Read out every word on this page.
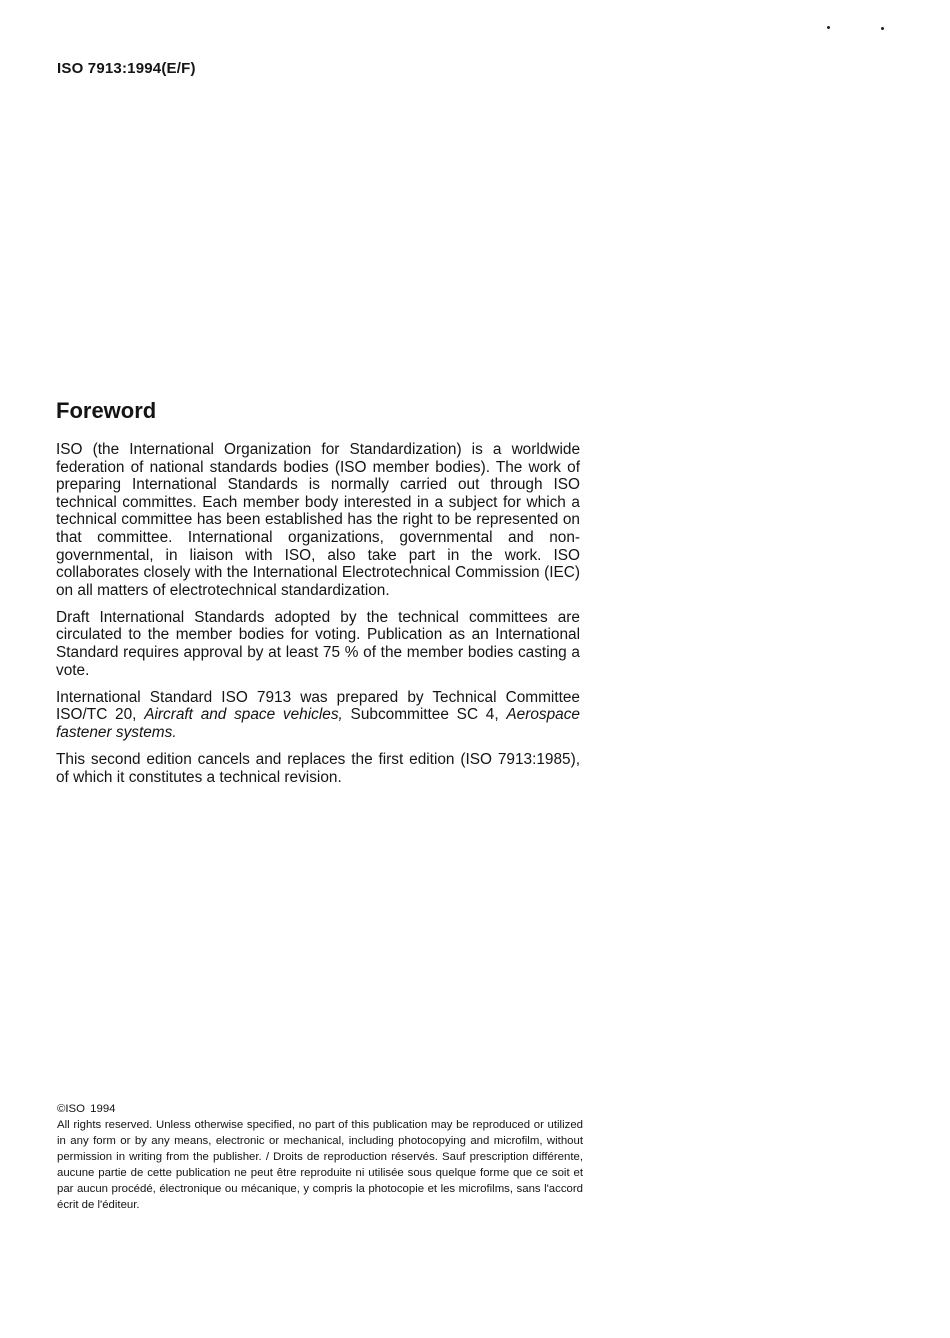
ISO 7913:1994(E/F)
Foreword

ISO (the International Organization for Standardization) is a worldwide federation of national standards bodies (ISO member bodies). The work of preparing International Standards is normally carried out through ISO technical committes. Each member body interested in a subject for which a technical committee has been established has the right to be represented on that committee. International organizations, governmental and non-governmental, in liaison with ISO, also take part in the work. ISO collaborates closely with the International Electrotechnical Commission (IEC) on all matters of electrotechnical standardization.

Draft International Standards adopted by the technical committees are circulated to the member bodies for voting. Publication as an International Standard requires approval by at least 75 % of the member bodies casting a vote.

International Standard ISO 7913 was prepared by Technical Committee ISO/TC 20, Aircraft and space vehicles, Subcommittee SC 4, Aerospace fastener systems.

This second edition cancels and replaces the first edition (ISO 7913:1985), of which it constitutes a technical revision.

©ISO 1994

All rights reserved. Unless otherwise specified, no part of this publication may be reproduced or utilized in any form or by any means, electronic or mechanical, including photocopying and microfilm, without permission in writing from the publisher. / Droits de reproduction réservés. Sauf prescription différente, aucune partie de cette publication ne peut être reproduite ni utilisée sous quelque forme que ce soit et par aucun procédé, électronique ou mécanique, y compris la photocopie et les microfilms, sans l'accord écrit de l'éditeur.
